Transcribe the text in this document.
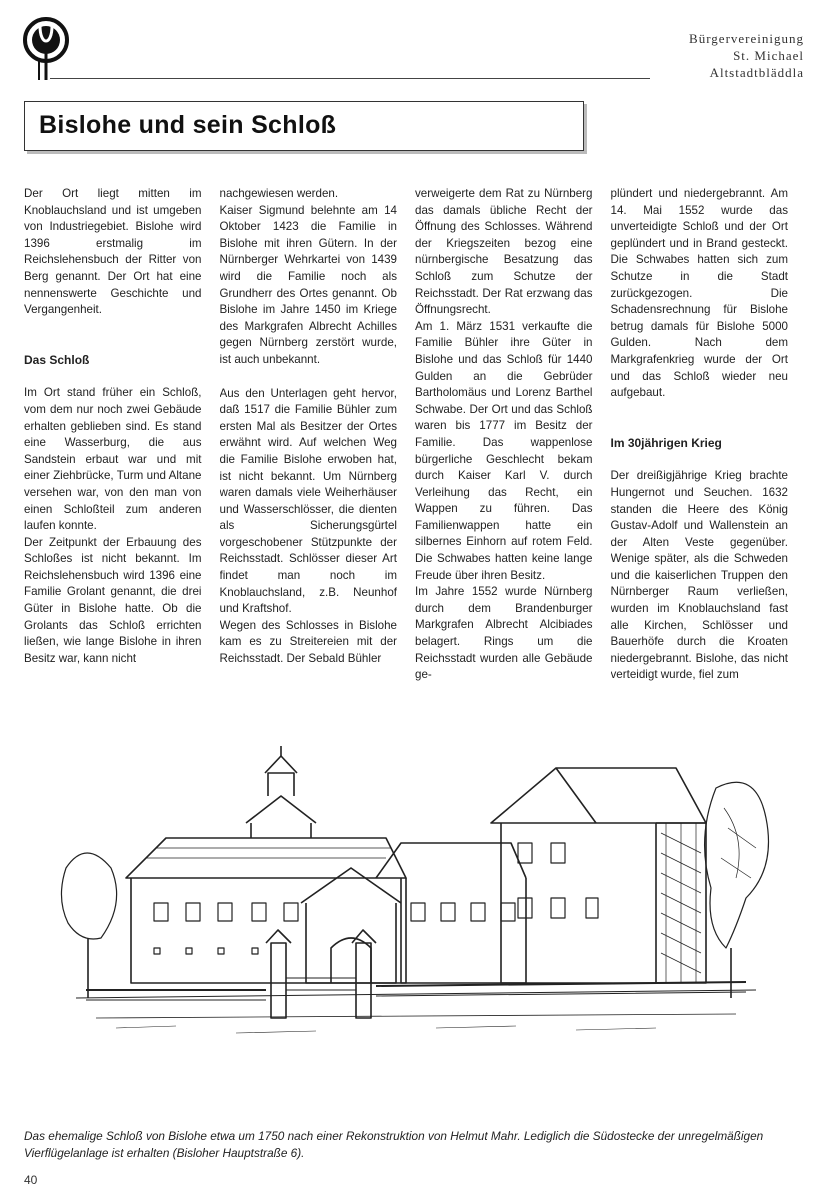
Bürgervereinigung
St. Michael
Altstadtbläddla
Bislohe und sein Schloß

Der Ort liegt mitten im Knoblauchsland und ist umgeben von Industriegebiet. Bislohe wird 1396 erstmalig im Reichslehensbuch der Ritter von Berg genannt. Der Ort hat eine nennenswerte Geschichte und Vergangenheit.

Das Schloß

Im Ort stand früher ein Schloß, vom dem nur noch zwei Gebäude erhalten geblieben sind. Es stand eine Wasserburg, die aus Sandstein erbaut war und mit einer Ziehbrücke, Turm und Altane versehen war, von den man von einen Schloßteil zum anderen laufen konnte.

Der Zeitpunkt der Erbauung des Schloßes ist nicht bekannt. Im Reichslehensbuch wird 1396 eine Familie Grolant genannt, die drei Güter in Bislohe hatte. Ob die Grolants das Schloß errichten ließen, wie lange Bislohe in ihren Besitz war, kann nicht

nachgewiesen werden.

Kaiser Sigmund belehnte am 14 Oktober 1423 die Familie in Bislohe mit ihren Gütern. In der Nürnberger Wehrkartei von 1439 wird die Familie noch als Grundherr des Ortes genannt. Ob Bislohe im Jahre 1450 im Kriege des Markgrafen Albrecht Achilles gegen Nürnberg zerstört wurde, ist auch unbekannt.

Aus den Unterlagen geht hervor, daß 1517 die Familie Bühler zum ersten Mal als Besitzer der Ortes erwähnt wird. Auf welchen Weg die Familie Bislohe erwoben hat, ist nicht bekannt. Um Nürnberg waren damals viele Weiherhäuser und Wasserschlösser, die dienten als Sicherungsgürtel vorgeschobener Stützpunkte der Reichsstadt. Schlösser dieser Art findet man noch im Knoblauchsland, z.B. Neunhof und Kraftshof.

Wegen des Schlosses in Bislohe kam es zu Streitereien mit der Reichsstadt. Der Sebald Bühler

verweigerte dem Rat zu Nürnberg das damals übliche Recht der Öffnung des Schlosses. Während der Kriegszeiten bezog eine nürnbergische Besatzung das Schloß zum Schutze der Reichsstadt. Der Rat erzwang das Öffnungsrecht.

Am 1. März 1531 verkaufte die Familie Bühler ihre Güter in Bislohe und das Schloß für 1440 Gulden an die Gebrüder Bartholomäus und Lorenz Barthel Schwabe. Der Ort und das Schloß waren bis 1777 im Besitz der Familie. Das wappenlose bürgerliche Geschlecht bekam durch Kaiser Karl V. durch Verleihung das Recht, ein Wappen zu führen. Das Familienwappen hatte ein silbernes Einhorn auf rotem Feld. Die Schwabes hatten keine lange Freude über ihren Besitz.

Im Jahre 1552 wurde Nürnberg durch dem Brandenburger Markgrafen Albrecht Alcibiades belagert. Rings um die Reichsstadt wurden alle Gebäude ge-

plündert und niedergebrannt. Am 14. Mai 1552 wurde das unverteidigte Schloß und der Ort geplündert und in Brand gesteckt. Die Schwabes hatten sich zum Schutze in die Stadt zurückgezogen. Die Schadensrechnung für Bislohe betrug damals für Bislohe 5000 Gulden. Nach dem Markgrafenkrieg wurde der Ort und das Schloß wieder neu aufgebaut.

Im 30jährigen Krieg

Der dreißigjährige Krieg brachte Hungernot und Seuchen. 1632 standen die Heere des König Gustav-Adolf und Wallenstein an der Alten Veste gegenüber. Wenige später, als die Schweden und die kaiserlichen Truppen den Nürnberger Raum verließen, wurden im Knoblauchsland fast alle Kirchen, Schlösser und Bauerhöfe durch die Kroaten niedergebrannt. Bislohe, das nicht verteidigt wurde, fiel zum

Das ehemalige Schloß von Bislohe etwa um 1750 nach einer Rekonstruktion von Helmut Mahr. Lediglich die Südostecke der unregelmäßigen Vierflügelanlage ist erhalten (Bisloher Hauptstraße 6).
40
